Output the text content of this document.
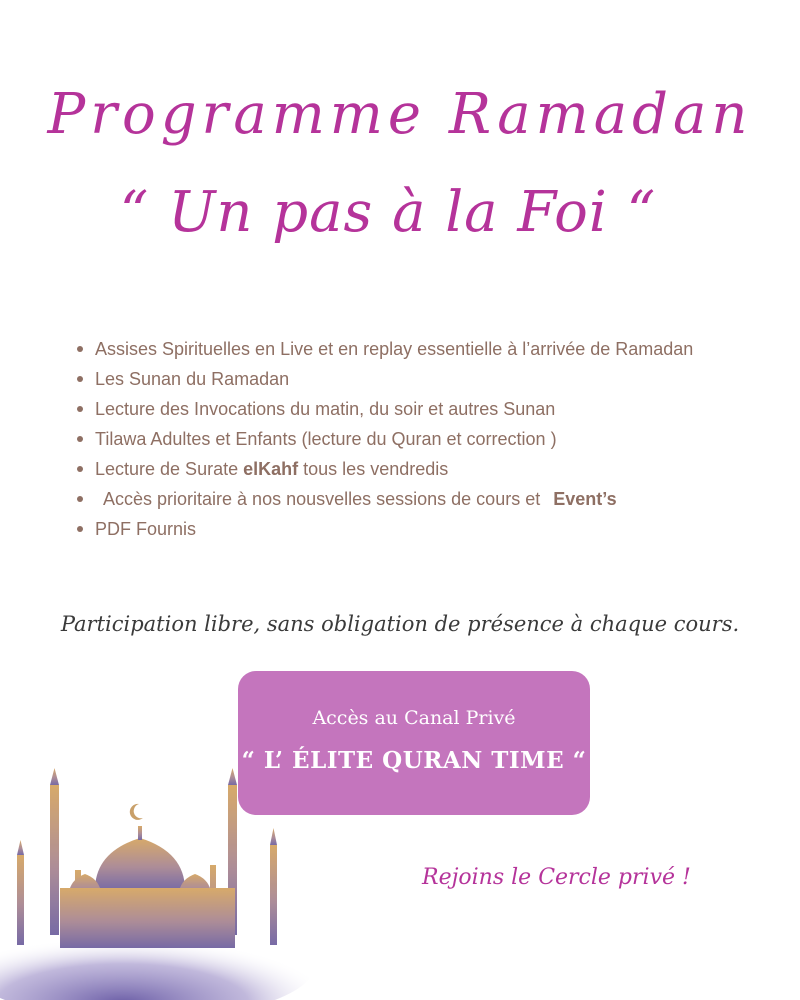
Programme Ramadan
“ Un pas à la Foi “
Assises Spirituelles en Live et en replay essentielle à l’arrivée de Ramadan
Les Sunan du Ramadan
Lecture des Invocations du matin, du soir et autres Sunan
Tilawa Adultes et Enfants (lecture du Quran et correction )
Lecture de Surate elKahf tous les vendredis
Accès prioritaire à nos nousvelles sessions de cours et Event’s
PDF Fournis

Participation libre, sans obligation de présence à chaque cours.

Accès au Canal Privé
“ L’ ÉLITE QURAN TIME “

Rejoins le Cercle privé !
